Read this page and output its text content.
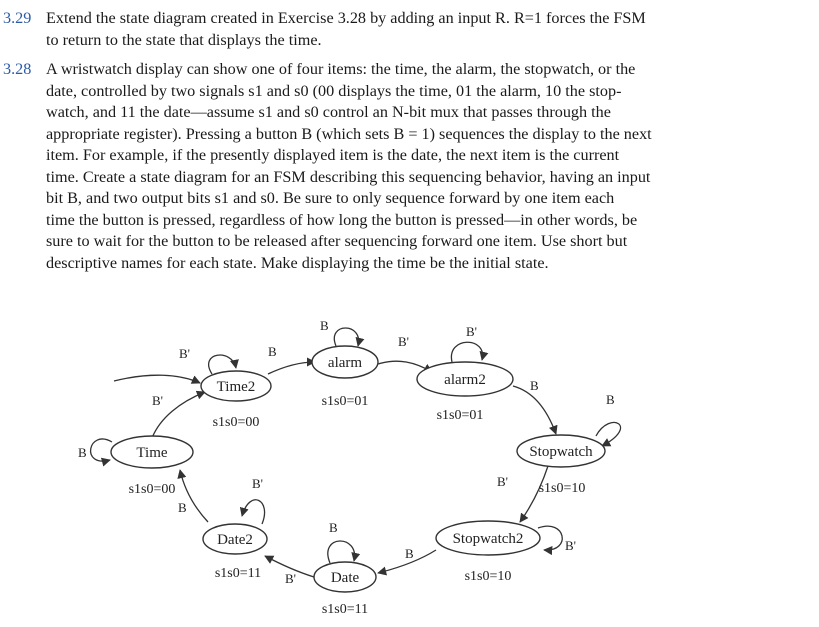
3.29 Extend the state diagram created in Exercise 3.28 by adding an input R. R=1 forces the FSM
to return to the state that displays the time.
3.28 A wristwatch display can show one of four items: the time, the alarm, the stopwatch, or the
date, controlled by two signals s1 and s0 (00 displays the time, 01 the alarm, 10 the stop-
watch, and 11 the date—assume s1 and s0 control an N-bit mux that passes through the
appropriate register). Pressing a button B (which sets B = 1) sequences the display to the next
item. For example, if the presently displayed item is the date, the next item is the current
time. Create a state diagram for an FSM describing this sequencing behavior, having an input
bit B, and two output bits s1 and s0. Be sure to only sequence forward by one item each
time the button is pressed, regardless of how long the button is pressed—in other words, be
sure to wait for the button to be released after sequencing forward one item. Use short but
descriptive names for each state. Make displaying the time be the initial state.
B'
B
B'
B
B'
B
B'
B
B
B'
B	B'
B
B'
B
B'
Time
s1s0=00
Time2
s1s0=00
alarm
s1s0=01
alarm2
s1s0=01
Stopwatch
s1s0=10
Stopwatch2
s1s0=10
Date
s1s0=11
Date2
s1s0=11
